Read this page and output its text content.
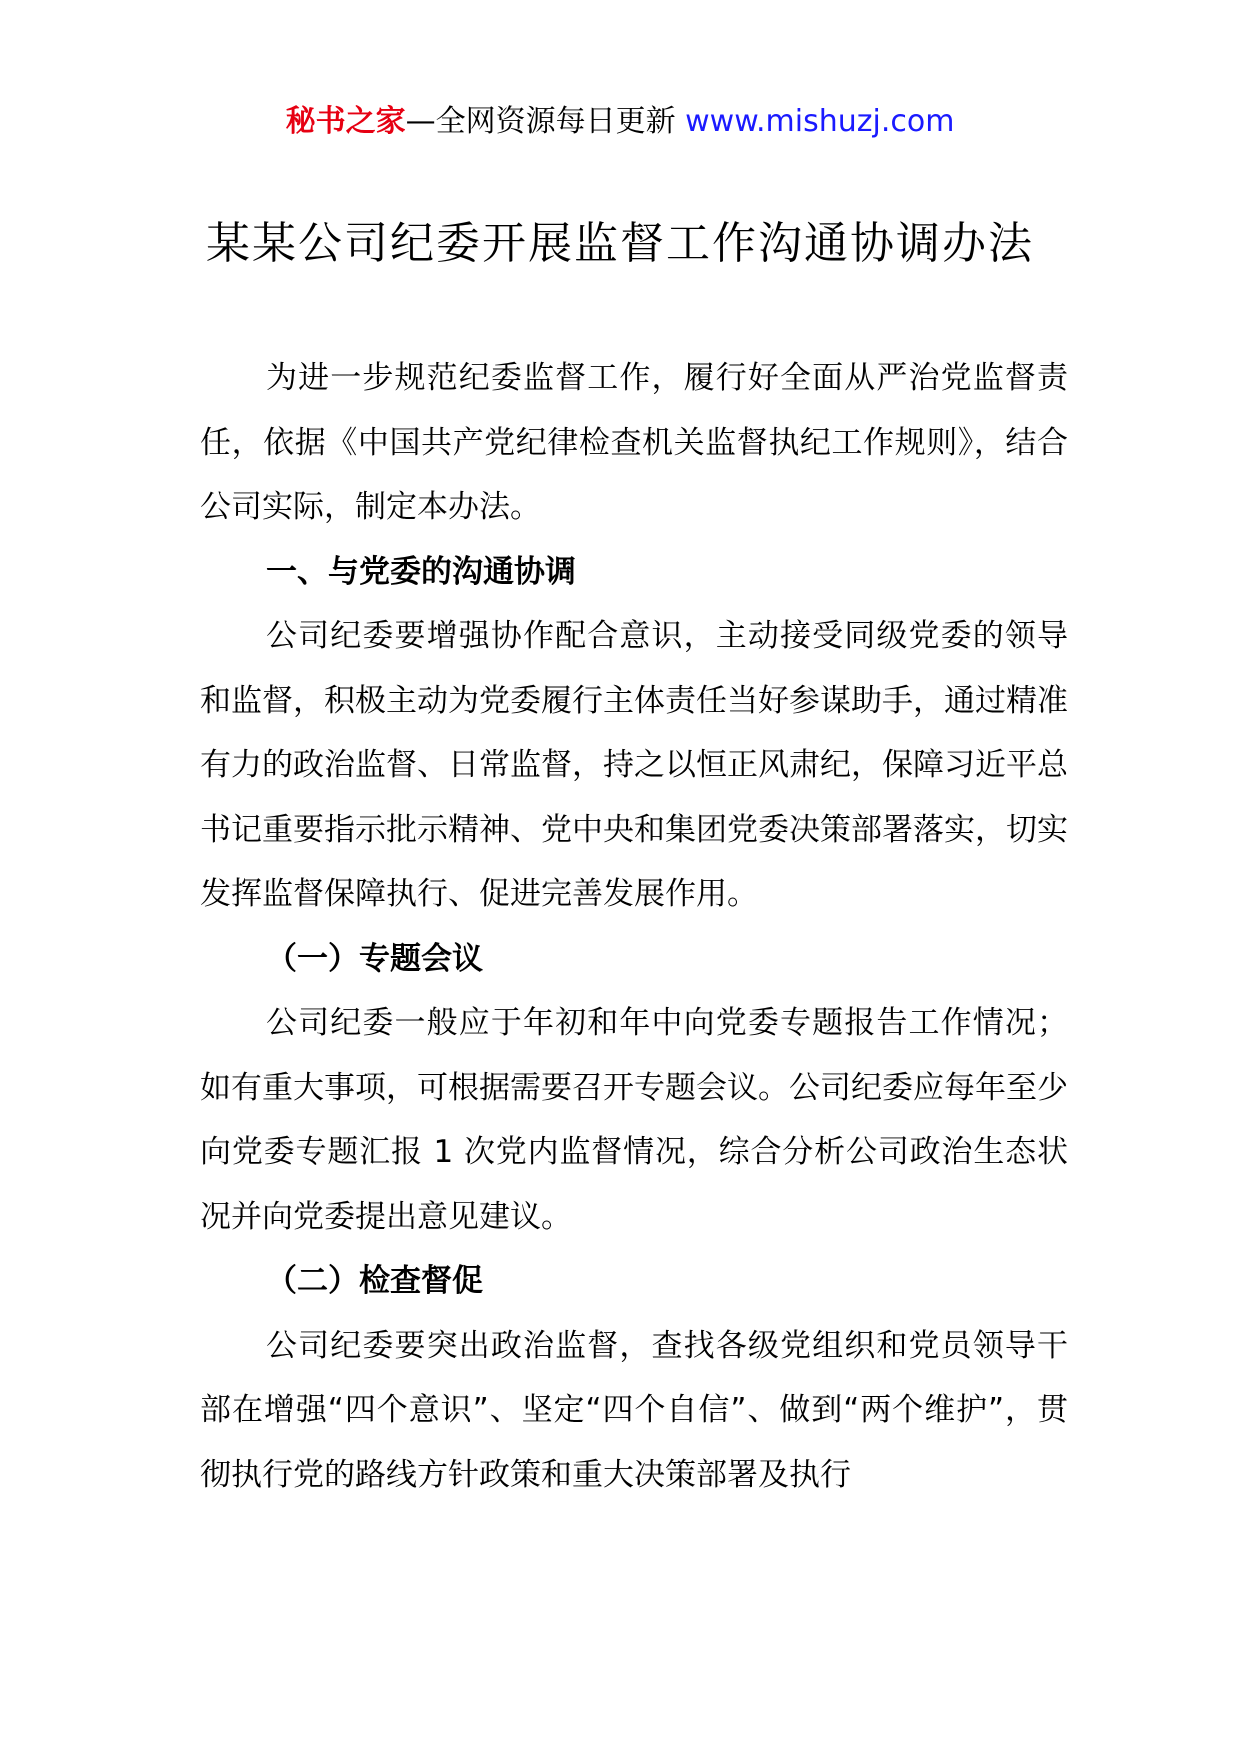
秘书之家—全网资源每日更新 www.mishuzj.com
某某公司纪委开展监督工作沟通协调办法

为进一步规范纪委监督工作，履行好全面从严治党监督责任，依据《中国共产党纪律检查机关监督执纪工作规则》，结合公司实际，制定本办法。

一、与党委的沟通协调

公司纪委要增强协作配合意识，主动接受同级党委的领导和监督，积极主动为党委履行主体责任当好参谋助手，通过精准有力的政治监督、日常监督，持之以恒正风肃纪，保障习近平总书记重要指示批示精神、党中央和集团党委决策部署落实，切实发挥监督保障执行、促进完善发展作用。

（一）专题会议

公司纪委一般应于年初和年中向党委专题报告工作情况；如有重大事项，可根据需要召开专题会议。公司纪委应每年至少向党委专题汇报 1 次党内监督情况，综合分析公司政治生态状况并向党委提出意见建议。

（二）检查督促

公司纪委要突出政治监督，查找各级党组织和党员领导干部在增强“四个意识”、坚定“四个自信”、做到“两个维护”，贯彻执行党的路线方针政策和重大决策部署及执行
